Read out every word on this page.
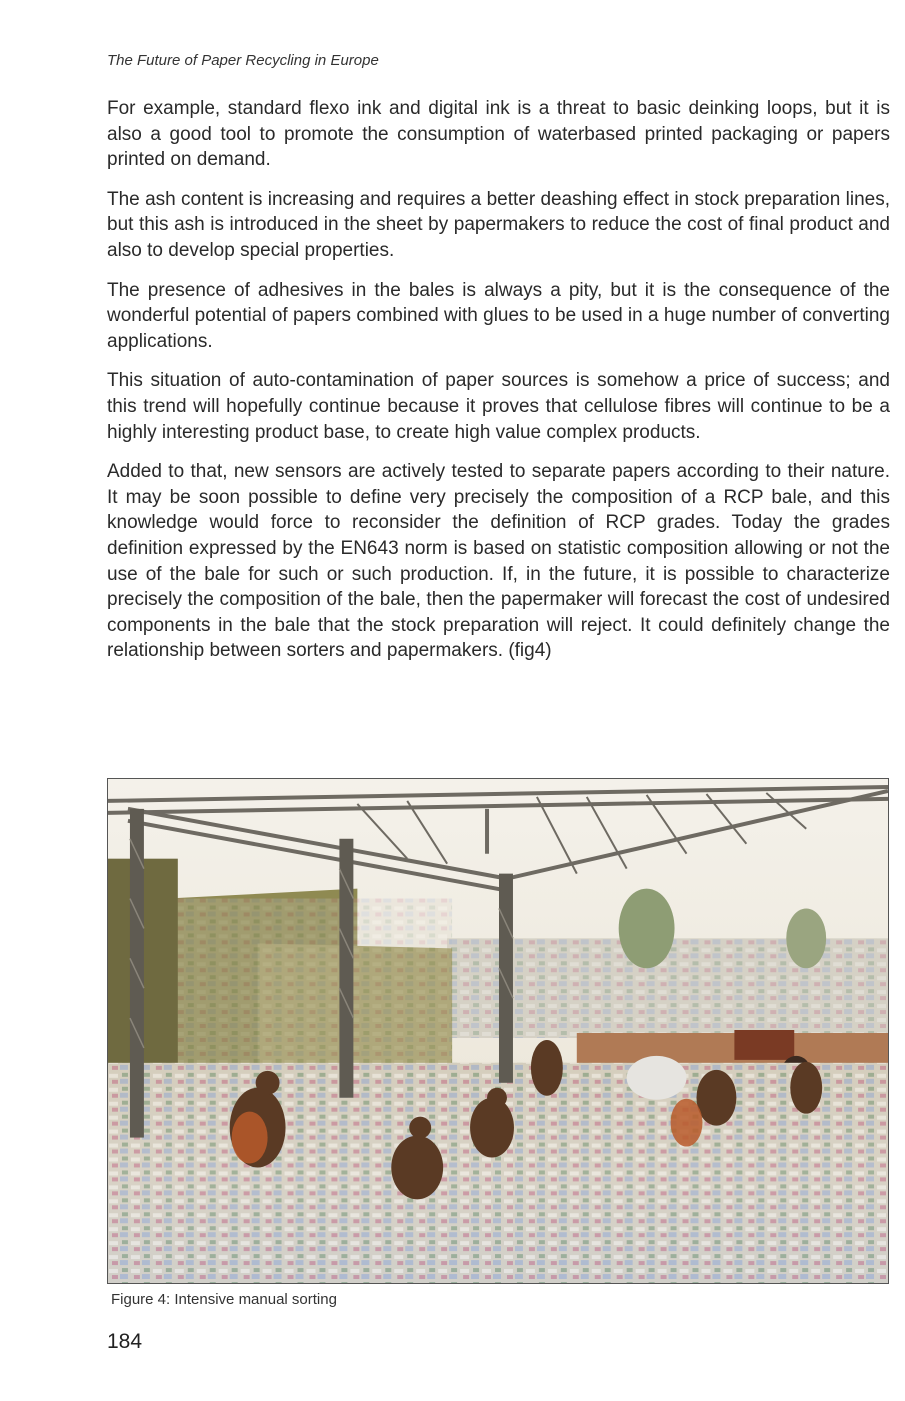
The Future of Paper Recycling in Europe

For example, standard flexo ink and digital ink is a threat to basic deinking loops, but it is also a good tool to promote the consumption of waterbased printed packaging or papers printed on demand.

The ash content is increasing and requires a better deashing effect in stock preparation lines, but this ash is introduced in the sheet by papermakers to reduce the cost of final product and also to develop special properties.

The presence of adhesives in the bales is always a pity, but it is the consequence of the wonderful potential of papers combined with glues to be used in a huge number of converting applications.

This situation of auto-contamination of paper sources is somehow a price of success; and this trend will hopefully continue because it proves that cellulose fibres will continue to be a highly interesting product base, to create high value complex products.

Added to that, new sensors are actively tested to separate papers according to their nature. It may be soon possible to define very precisely the composition of a RCP bale, and this knowledge would force to reconsider the definition of RCP grades. Today the grades definition expressed by the EN643 norm is based on statistic composition allowing or not the use of the bale for such or such production. If, in the future, it is possible to characterize precisely the composition of the bale, then the papermaker will forecast the cost of undesired components in the bale that the stock preparation will reject. It could definitely change the relationship between sorters and papermakers. (fig4)

Figure 4: Intensive manual sorting
184
